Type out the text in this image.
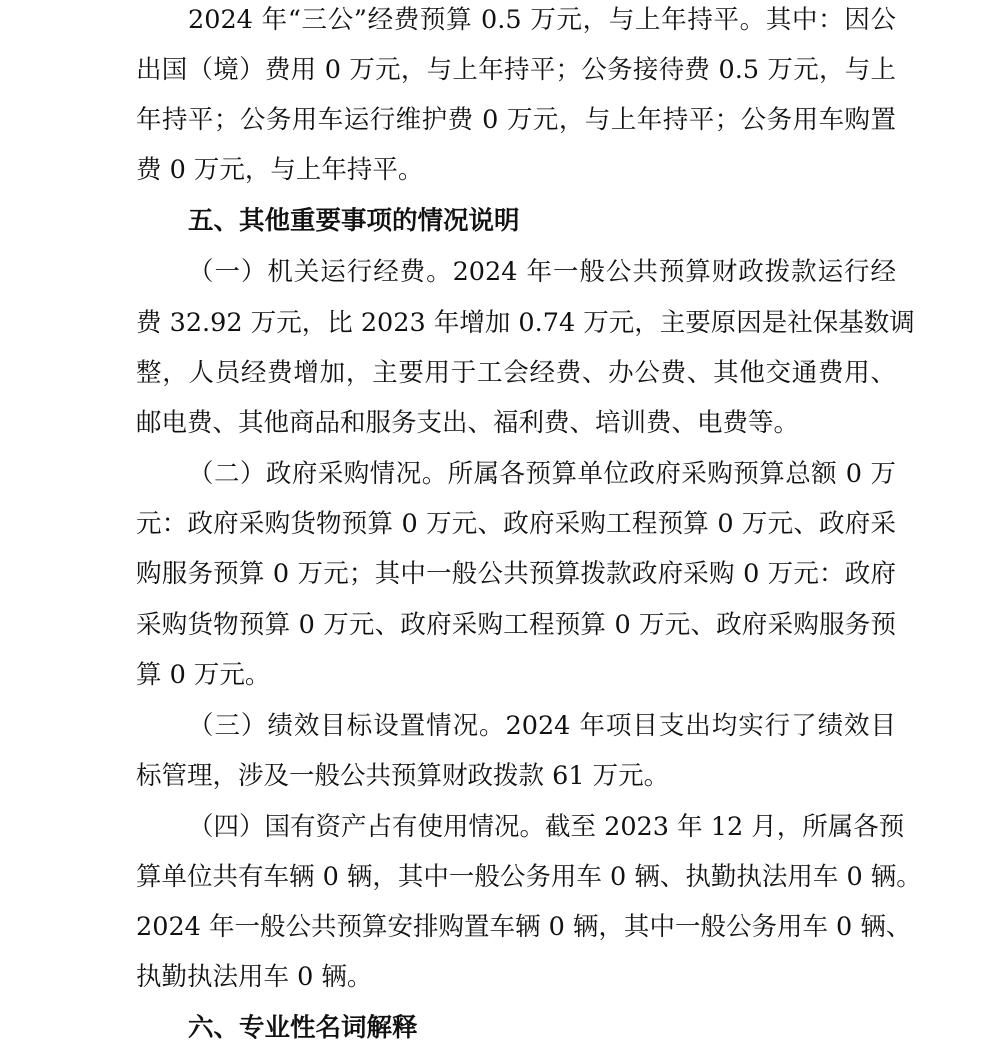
2024 年“三公”经费预算 0.5 万元，与上年持平。其中：因公
出国（境）费用 0 万元，与上年持平；公务接待费 0.5 万元，与上
年持平；公务用车运行维护费 0 万元，与上年持平；公务用车购置
费 0 万元，与上年持平。
五、其他重要事项的情况说明
（一）机关运行经费。2024 年一般公共预算财政拨款运行经
费 32.92 万元，比 2023 年增加 0.74 万元，主要原因是社保基数调
整，人员经费增加，主要用于工会经费、办公费、其他交通费用、
邮电费、其他商品和服务支出、福利费、培训费、电费等。
（二）政府采购情况。所属各预算单位政府采购预算总额 0 万
元：政府采购货物预算 0 万元、政府采购工程预算 0 万元、政府采
购服务预算 0 万元；其中一般公共预算拨款政府采购 0 万元：政府
采购货物预算 0 万元、政府采购工程预算 0 万元、政府采购服务预
算 0 万元。
（三）绩效目标设置情况。2024 年项目支出均实行了绩效目
标管理，涉及一般公共预算财政拨款 61 万元。
（四）国有资产占有使用情况。截至 2023 年 12 月，所属各预
算单位共有车辆 0 辆，其中一般公务用车 0 辆、执勤执法用车 0 辆。
2024 年一般公共预算安排购置车辆 0 辆，其中一般公务用车 0 辆、
执勤执法用车 0 辆。
六、专业性名词解释
